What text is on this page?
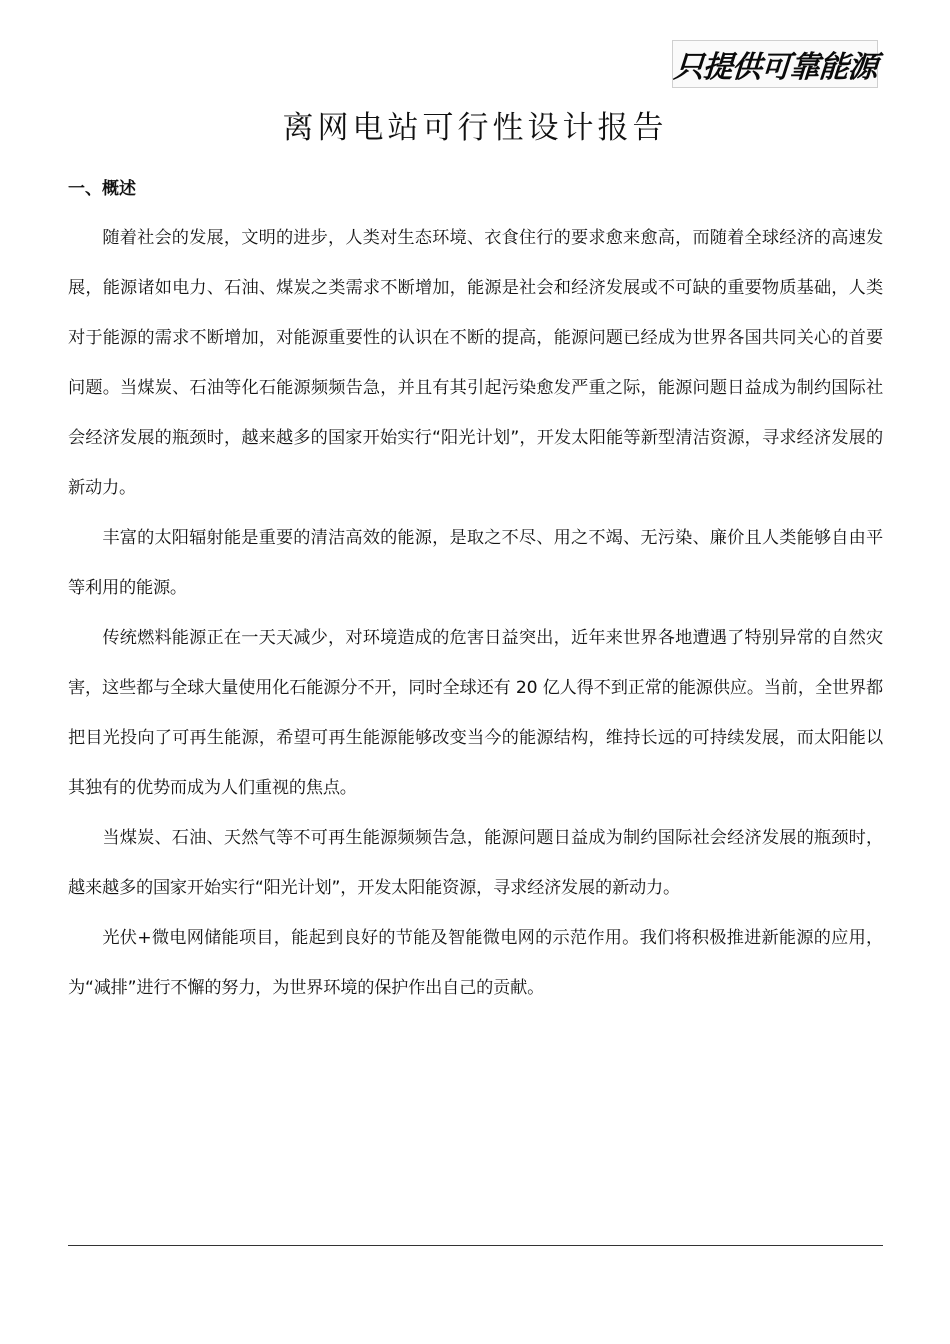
只提供可靠能源
离网电站可行性设计报告
一、概述

随着社会的发展，文明的进步，人类对生态环境、衣食住行的要求愈来愈高，而随着全球经济的高速发展，能源诸如电力、石油、煤炭之类需求不断增加，能源是社会和经济发展或不可缺的重要物质基础，人类对于能源的需求不断增加，对能源重要性的认识在不断的提高，能源问题已经成为世界各国共同关心的首要问题。当煤炭、石油等化石能源频频告急，并且有其引起污染愈发严重之际，能源问题日益成为制约国际社会经济发展的瓶颈时，越来越多的国家开始实行“阳光计划”，开发太阳能等新型清洁资源，寻求经济发展的新动力。

丰富的太阳辐射能是重要的清洁高效的能源，是取之不尽、用之不竭、无污染、廉价且人类能够自由平等利用的能源。

传统燃料能源正在一天天减少，对环境造成的危害日益突出，近年来世界各地遭遇了特别异常的自然灾害，这些都与全球大量使用化石能源分不开，同时全球还有 20 亿人得不到正常的能源供应。当前，全世界都把目光投向了可再生能源，希望可再生能源能够改变当今的能源结构，维持长远的可持续发展，而太阳能以其独有的优势而成为人们重视的焦点。

当煤炭、石油、天然气等不可再生能源频频告急，能源问题日益成为制约国际社会经济发展的瓶颈时，越来越多的国家开始实行“阳光计划”，开发太阳能资源，寻求经济发展的新动力。

光伏+微电网储能项目，能起到良好的节能及智能微电网的示范作用。我们将积极推进新能源的应用，为“减排”进行不懈的努力，为世界环境的保护作出自己的贡献。
